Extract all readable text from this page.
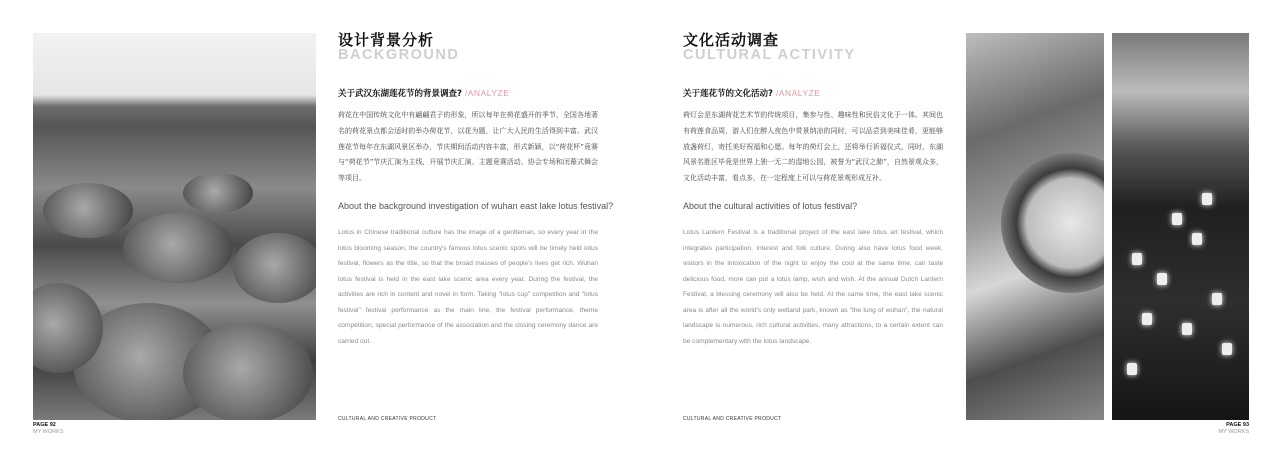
设计背景分析
BACKGROUND
关于武汉东湖莲花节的背景调查? /ANALYZE
荷花在中国传统文化中有翩翩君子的形象，所以每年在荷花盛开的季节，全国各地著名的荷花景点都会适时的举办荷花节，以花为题，让广大人民的生活得到丰富。武汉莲花节每年在东湖风景区举办，节庆期间活动内容丰富，形式新颖，以“荷花杯”竟赛与“荷花节”节庆汇演为主线，开展节庆汇演、主题竟赛活动、协会专场和闭幕式舞会等项目。
About the background investigation of wuhan east lake lotus festival?
Lotus in Chinese traditional culture has the image of a gentleman, so every year in the lotus blooming season, the country's famous lotus scenic spots will be timely held lotus festival, flowers as the title, so that the broad masses of people's lives get rich. Wuhan lotus festival is held in the east lake scenic area every year. During the festival, the activities are rich in content and novel in form. Taking "lotus cup" competition and "lotus festival" festival performance as the main line, the festival performance, theme competition, special performance of the association and the closing ceremony dance are carried out.
CULTURAL AND CREATIVE PRODUCT
PAGE 92
MY WORKS
文化活动调查
CULTURAL ACTIVITY
关于莲花节的文化活动? /ANALYZE
荷灯会是东湖荷花艺术节的传统项目，集参与性、趣味性和民俗文化于一体。其间也有荷莲食品周，游人们在醉人夜色中赏景纳凉的同时，可以品尝到美味佳肴，更能够放盏荷灯，寄托美好祝福和心愿。每年的荷灯会上，还将举行祈福仪式，同时，东湖风景名胜区毕竟是世界上独一无二的湿地公园，被誉为“武汉之肺”，自然景观众多，文化活动丰富，看点多，在一定程度上可以与荷花景观形成互补。
About the cultural activities of lotus festival?
Lotus Lantern Festival is a traditional project of the east lake lotus art festival, which integrates participation, interest and folk culture. During also have lotus food week, visitors in the intoxication of the night to enjoy the cool at the same time, can taste delicious food, more can put a lotus lamp, wish and wish. At the annual Dutch Lantern Festival, a blessing ceremony will also be held. At the same time, the east lake scenic area is after all the world's only wetland park, known as "the lung of wuhan", the natural landscape is numerous, rich cultural activities, many attractions, to a certain extent can be complementary with the lotus landscape.
CULTURAL AND CREATIVE PRODUCT
PAGE 93
MY WORKS
